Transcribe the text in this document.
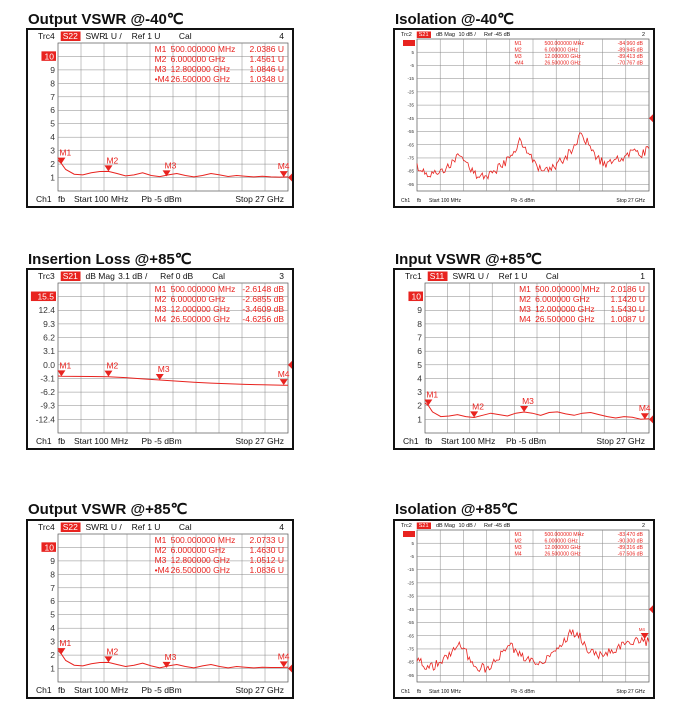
Output VSWR @-40℃
Trc4 S22 SWR
1 U / Ref 1 U Cal	4
10
9
8
7
6
5
4
3
2
1
M1 500.000000 MHz 2.0386 U
M2 6.000000 GHz	1.4561 U
M3 12.800000 GHz 1.0846 U
•M4 26.500000 GHz 1.0348 U
M1
M2	M3	M4
Ch1 fb Start 100 MHz Pb -5 dBm	Stop 27 GHz
Isolation @-40℃
Trc2 S21 dB Mag 10 dB / Ref -45 dB	2
5
-5
-15
-25
-35
-45
-55
-65
-75
-85
-95
M1	500.000000 MHz	-84.960 dB
M2	6.000000 GHz	-89.945 dB
M3	12.000000 GHz	-89.413 dB
•M4	26.500000 GHz	-70.767 dB
Ch1 fb Start 100 MHz	Pb -5 dBm	Stop 27 GHz
Insertion Loss @+85℃
Trc3 S21 dB Mag 3.1 dB / Ref 0 dB Cal	3
15.5
12.4
9.3
6.2
3.1
0.0
-3.1
-6.2
-9.3
-12.4
M1 500.000000 MHz -2.6148 dB
M2 6.000000 GHz -2.6855 dB
M3 12.000000 GHz -3.4609 dB
M4 26.500000 GHz -4.6256 dB
M1	M2	M3
M4
Ch1 fb Start 100 MHz Pb -5 dBm	Stop 27 GHz
Input VSWR @+85℃
Trc1 S11 SWR
1 U / Ref 1 U Cal	1
10
9
8
7
6
5
4
3
2
1
M1 500.000000 MHz 2.0186 U
M2 6.000000 GHz 1.1420 U
M3 12.000000 GHz 1.5430 U
M4 26.500000 GHz 1.0087 U
M1
M2
M3
M4
Ch1 fb Start 100 MHz Pb -5 dBm	Stop 27 GHz
Output VSWR @+85℃
Trc4 S22 SWR
1 U / Ref 1 U Cal	4
10
9
8
7
6
5
4
3
2
1
M1 500.000000 MHz 2.0733 U
M2 6.000000 GHz	1.4630 U
M3 12.800000 GHz 1.0512 U
•M4 26.500000 GHz 1.0836 U
M1
M2
M3	M4
Ch1 fb Start 100 MHz Pb -5 dBm	Stop 27 GHz
Isolation @+85℃
Trc2 S21 dB Mag 10 dB / Ref -45 dB	2
5
-5
-15
-25
-35
-45
-55
-65
-75
-85
-95
M1	500.000000 MHz	-83.470 dB
M2	6.000000 GHz	-90.300 dB
M3	12.000000 GHz	-89.316 dB
M4	26.500000 GHz	-67.506 dB
M4
Ch1 fb Start 100 MHz	Pb -5 dBm	Stop 27 GHz
